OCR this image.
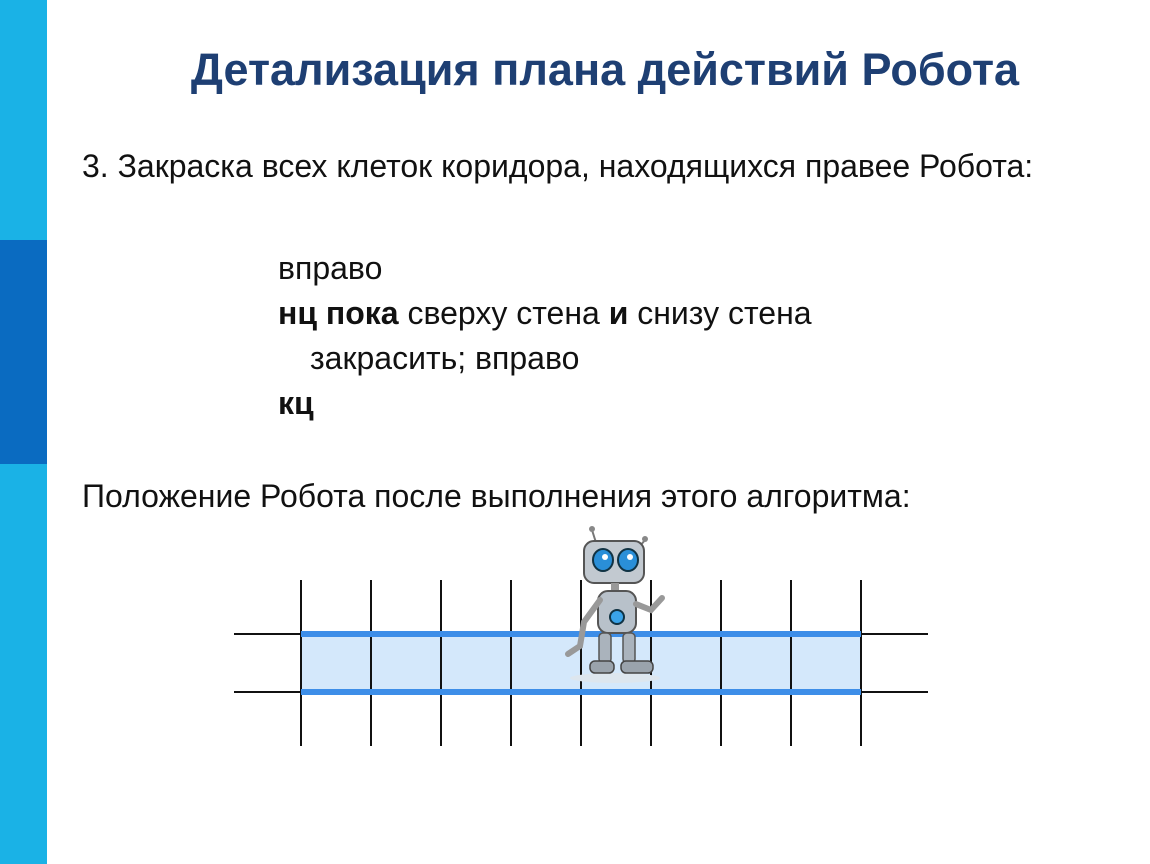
Детализация плана действий Робота
3. Закраска всех клеток коридора, находящихся правее Робота:
вправо
нц пока сверху стена и снизу стена
закрасить; вправо
кц
Положение Робота после выполнения этого алгоритма:
